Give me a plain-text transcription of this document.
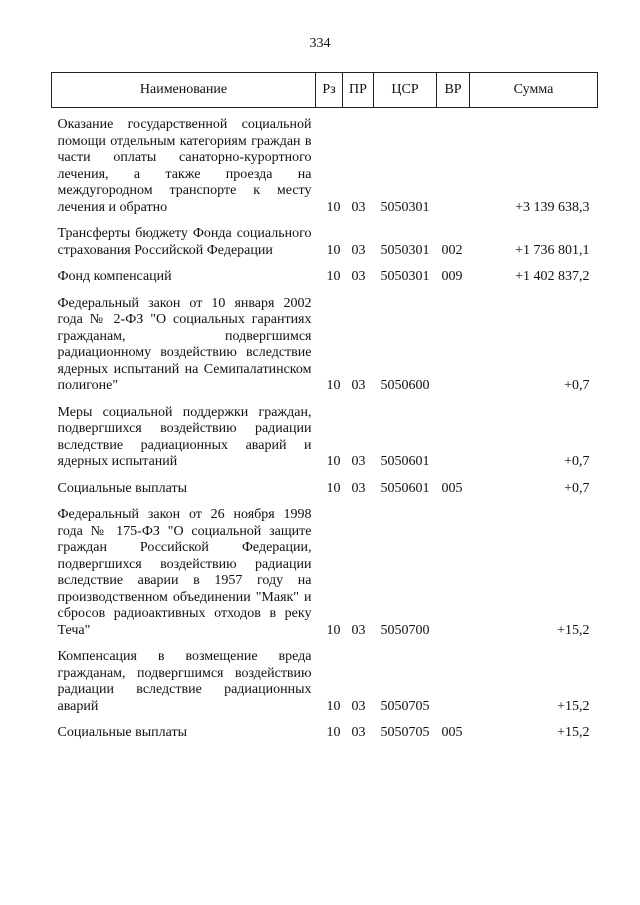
334
Наименование	Рз	ПР	ЦСР	ВР	Сумма
Оказание государственной социальной помощи отдельным категориям граждан в части оплаты санаторно-курортного лечения, а также проезда на междугородном транспорте к месту лечения и обратно	10	03	5050301		+3 139 638,3
Трансферты бюджету Фонда социального страхования Российской Федерации	10	03	5050301	002	+1 736 801,1
Фонд компенсаций	10	03	5050301	009	+1 402 837,2
Федеральный закон от 10 января 2002 года № 2-ФЗ "О социальных гарантиях гражданам, подвергшимся радиационному воздействию вследствие ядерных испытаний на Семипалатинском полигоне"	10	03	5050600		+0,7
Меры социальной поддержки граждан, подвергшихся воздействию радиации вследствие радиационных аварий и ядерных испытаний	10	03	5050601		+0,7
Социальные выплаты	10	03	5050601	005	+0,7
Федеральный закон от 26 ноября 1998 года № 175-ФЗ "О социальной защите граждан Российской Федерации, подвергшихся воздействию радиации вследствие аварии в 1957 году на производственном объединении "Маяк" и сбросов радиоактивных отходов в реку Теча"	10	03	5050700		+15,2
Компенсация в возмещение вреда гражданам, подвергшимся воздействию радиации вследствие радиационных аварий	10	03	5050705		+15,2
Социальные выплаты	10	03	5050705	005	+15,2
